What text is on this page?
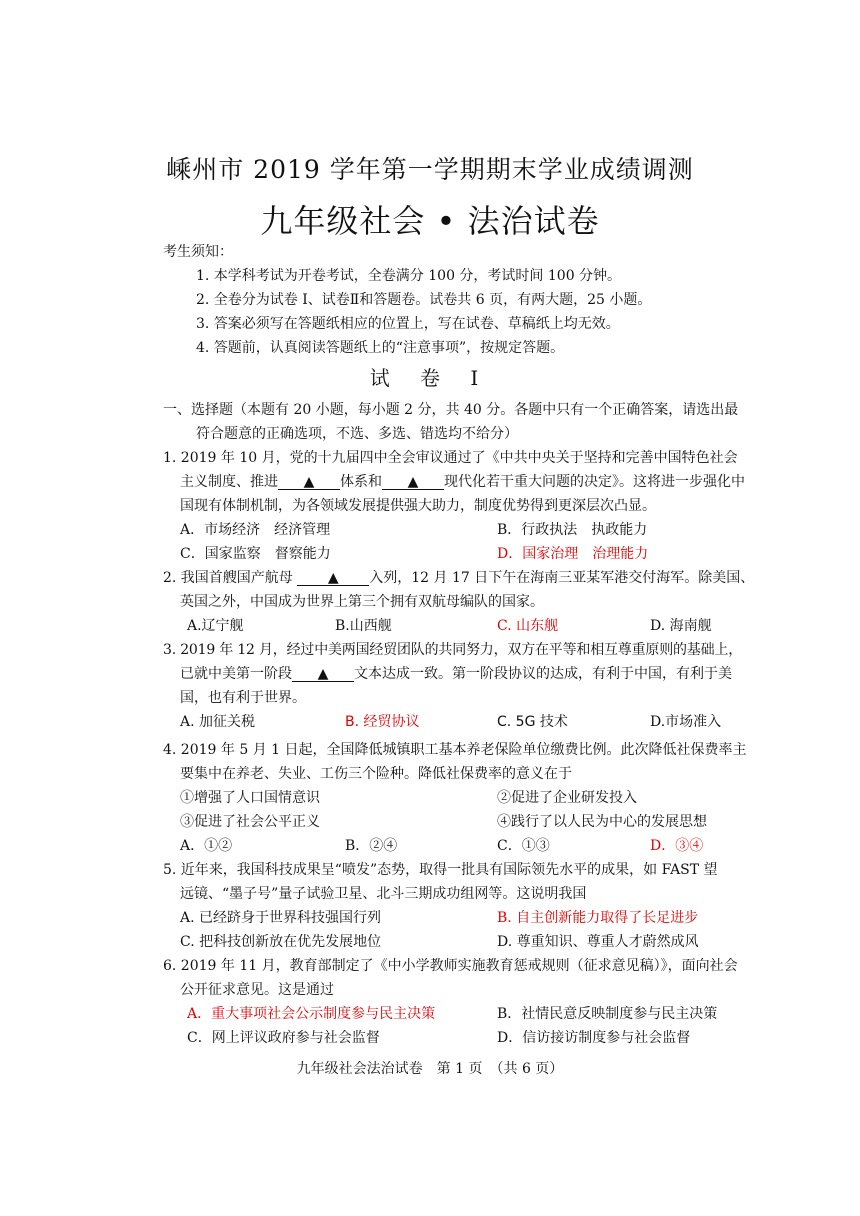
嵊州市 2019 学年第一学期期末学业成绩调测
九年级社会 • 法治试卷
考生须知：
1. 本学科考试为开卷考试，全卷满分 100 分，考试时间 100 分钟。
2. 全卷分为试卷 Ⅰ、试卷Ⅱ和答题卷。试卷共 6 页，有两大题，25 小题。
3. 答案必须写在答题纸相应的位置上，写在试卷、草稿纸上均无效。
4. 答题前，认真阅读答题纸上的“注意事项”，按规定答题。
试 卷 Ⅰ
一、选择题（本题有 20 小题，每小题 2 分，共 40 分。各题中只有一个正确答案，请选出最
符合题意的正确选项，不选、多选、错选均不给分）
1. 2019 年 10 月，党的十九届四中全会审议通过了《中共中央关于坚持和完善中国特色社会
主义制度、推进 ▲ 体系和 ▲ 现代化若干重大问题的决定》。这将进一步强化中
国现有体制机制，为各领域发展提供强大助力，制度优势得到更深层次凸显。
A．市场经济　经济管理	B．行政执法　执政能力
C．国家监察　督察能力	D．国家治理　治理能力
2. 我国首艘国产航母	▲ 入列，12 月 17 日下午在海南三亚某军港交付海军。除美国、
英国之外，中国成为世界上第三个拥有双航母编队的国家。
A.辽宁舰	B.山西舰	C. 山东舰	D. 海南舰
3. 2019 年 12 月，经过中美两国经贸团队的共同努力，双方在平等和相互尊重原则的基础上，
已就中美第一阶段 ▲ 文本达成一致。第一阶段协议的达成，有利于中国，有利于美
国，也有利于世界。
A. 加征关税	B. 经贸协议	C. 5G 技术	D.市场准入
4. 2019 年 5 月 1 日起，全国降低城镇职工基本养老保险单位缴费比例。此次降低社保费率主
要集中在养老、失业、工伤三个险种。降低社保费率的意义在于
①增强了人口国情意识	②促进了企业研发投入
③促进了社会公平正义	④践行了以人民为中心的发展思想
A．①②	B．②④	C．①③	D．③④
5. 近年来，我国科技成果呈“喷发”态势，取得一批具有国际领先水平的成果，如 FAST 望
远镜、“墨子号”量子试验卫星、北斗三期成功组网等。这说明我国
A. 已经跻身于世界科技强国行列	B. 自主创新能力取得了长足进步
C. 把科技创新放在优先发展地位	D. 尊重知识、尊重人才蔚然成风
6. 2019 年 11 月，教育部制定了《中小学教师实施教育惩戒规则（征求意见稿）》，面向社会
公开征求意见。这是通过
A．重大事项社会公示制度参与民主决策	B．社情民意反映制度参与民主决策
C．网上评议政府参与社会监督	D．信访接访制度参与社会监督
九年级社会法治试卷　第 1 页　（共 6 页）
